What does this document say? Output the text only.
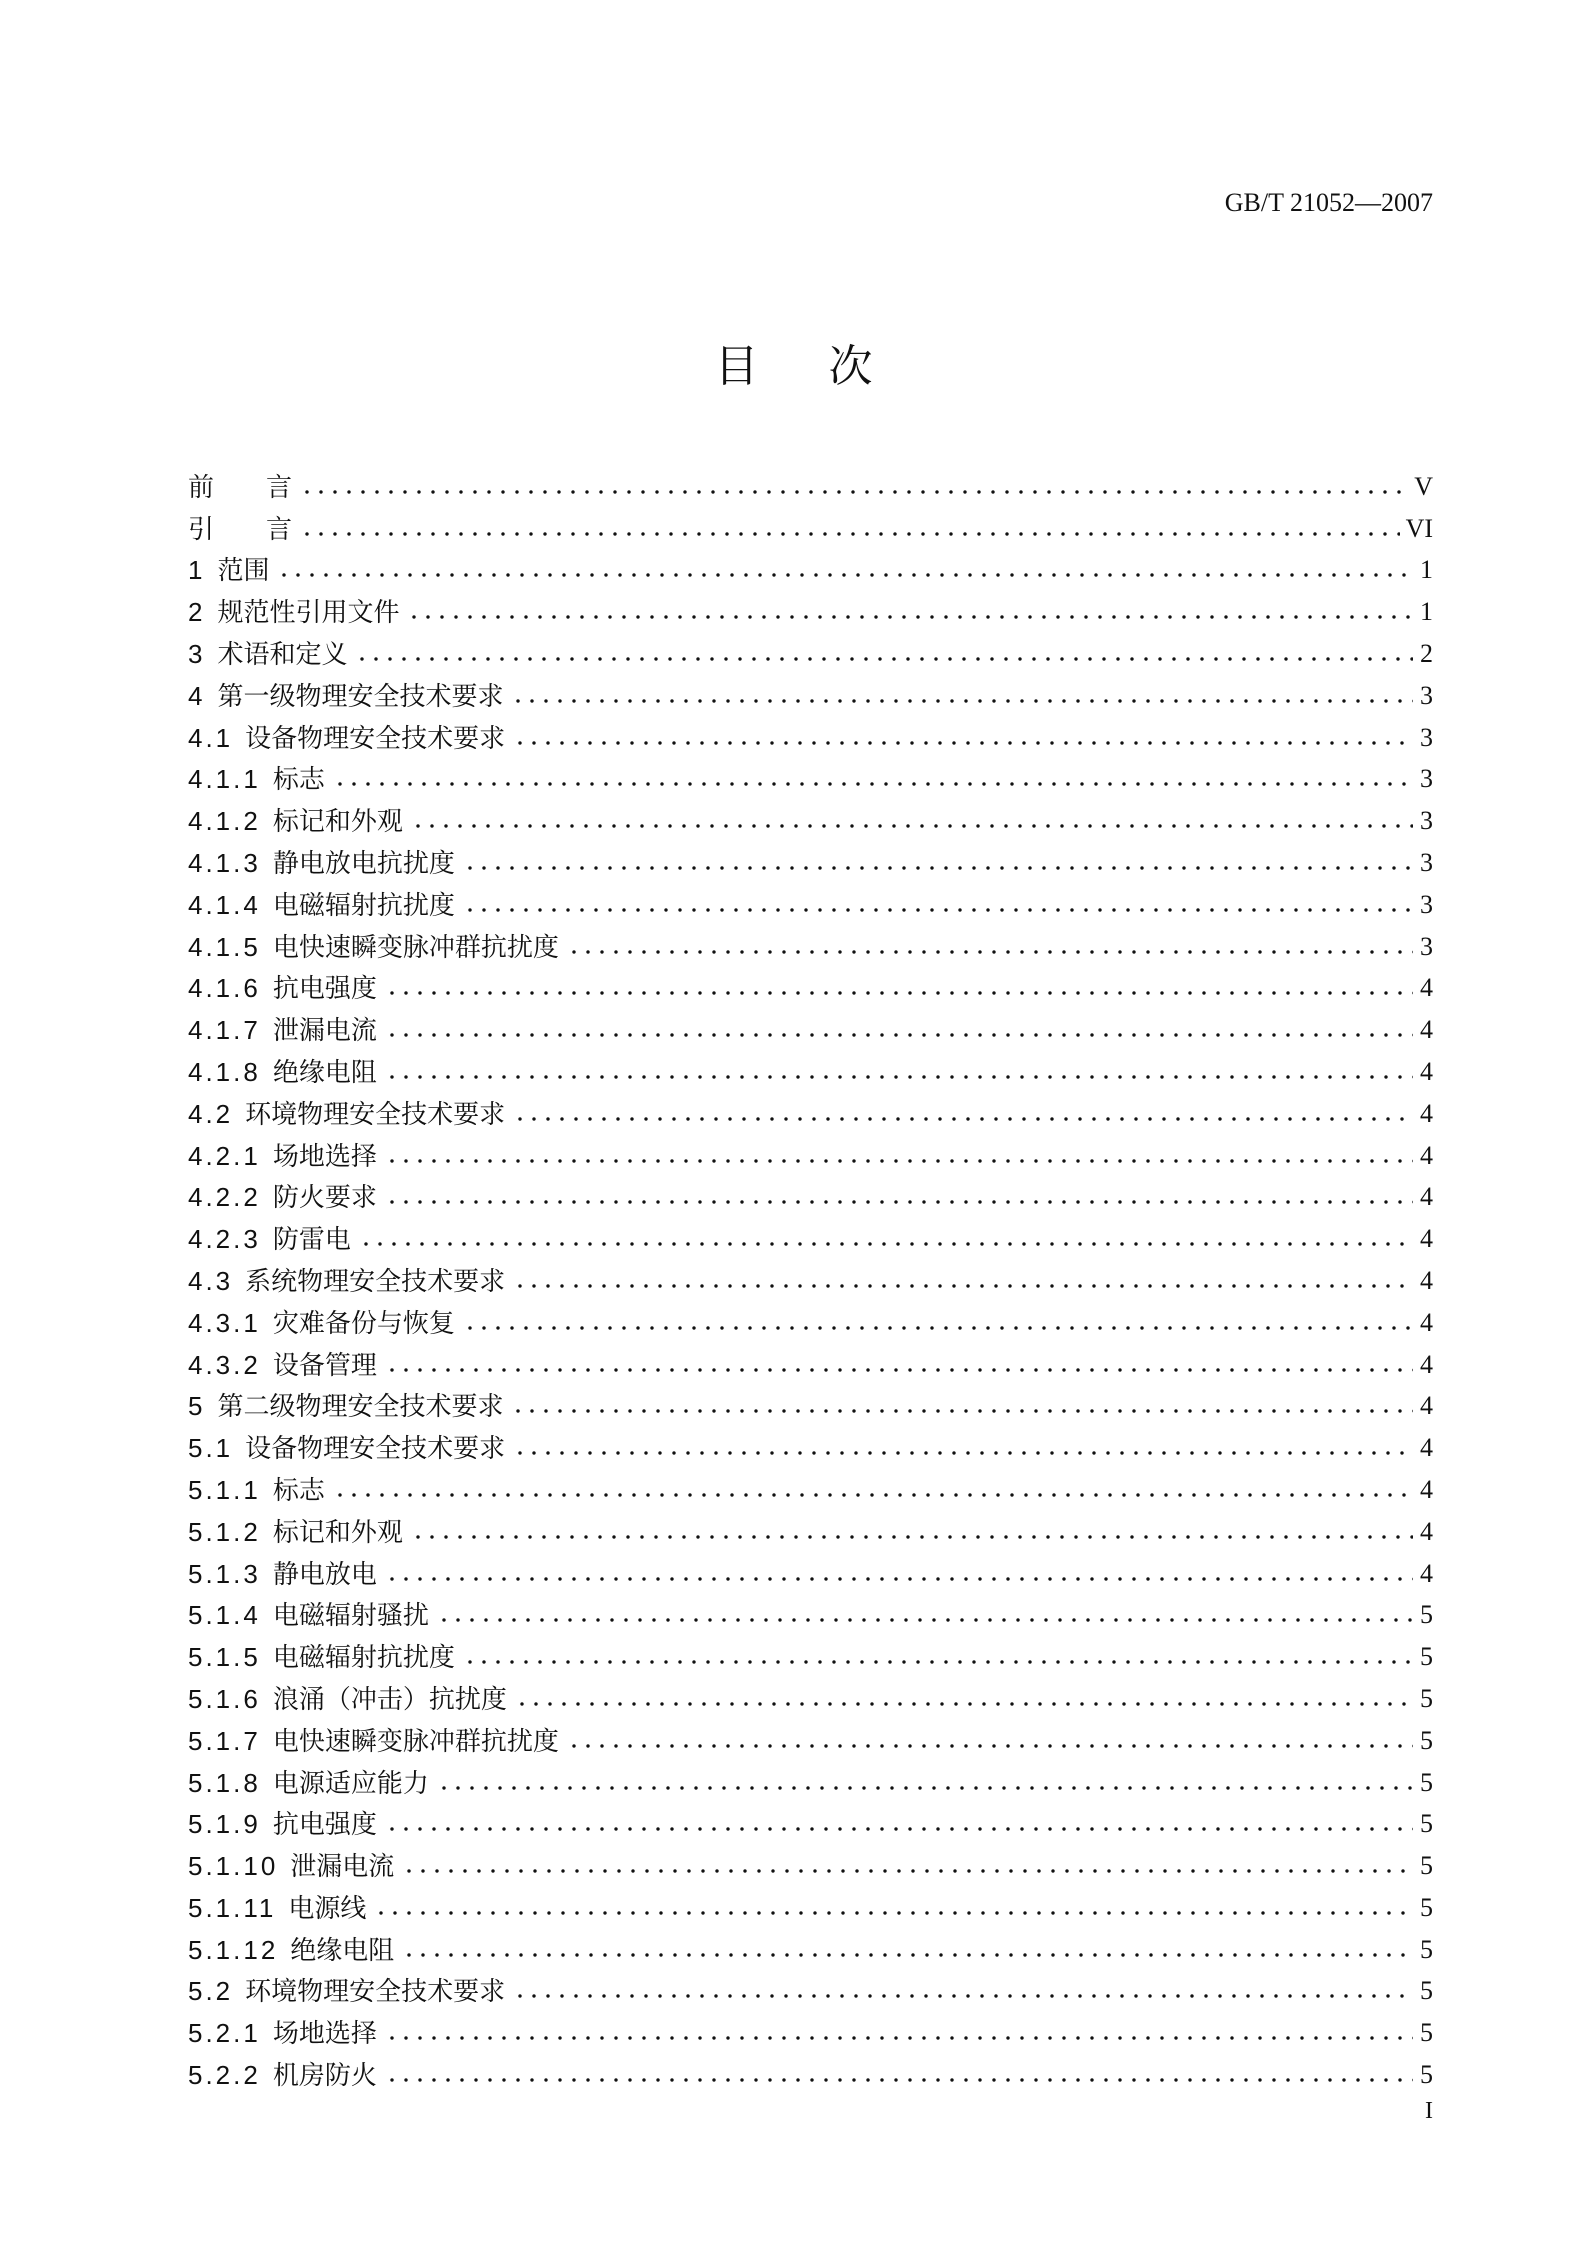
GB/T 21052—2007
目次
前　　言	V
引　　言	VI
1 范围	1
2 规范性引用文件	1
3 术语和定义	2
4 第一级物理安全技术要求	3
4.1 设备物理安全技术要求	3
4.1.1 标志	3
4.1.2 标记和外观	3
4.1.3 静电放电抗扰度	3
4.1.4 电磁辐射抗扰度	3
4.1.5 电快速瞬变脉冲群抗扰度	3
4.1.6 抗电强度	4
4.1.7 泄漏电流	4
4.1.8 绝缘电阻	4
4.2 环境物理安全技术要求	4
4.2.1 场地选择	4
4.2.2 防火要求	4
4.2.3 防雷电	4
4.3 系统物理安全技术要求	4
4.3.1 灾难备份与恢复	4
4.3.2 设备管理	4
5 第二级物理安全技术要求	4
5.1 设备物理安全技术要求	4
5.1.1 标志	4
5.1.2 标记和外观	4
5.1.3 静电放电	4
5.1.4 电磁辐射骚扰	5
5.1.5 电磁辐射抗扰度	5
5.1.6 浪涌（冲击）抗扰度	5
5.1.7 电快速瞬变脉冲群抗扰度	5
5.1.8 电源适应能力	5
5.1.9 抗电强度	5
5.1.10 泄漏电流	5
5.1.11 电源线	5
5.1.12 绝缘电阻	5
5.2 环境物理安全技术要求	5
5.2.1 场地选择	5
5.2.2 机房防火	5
I
